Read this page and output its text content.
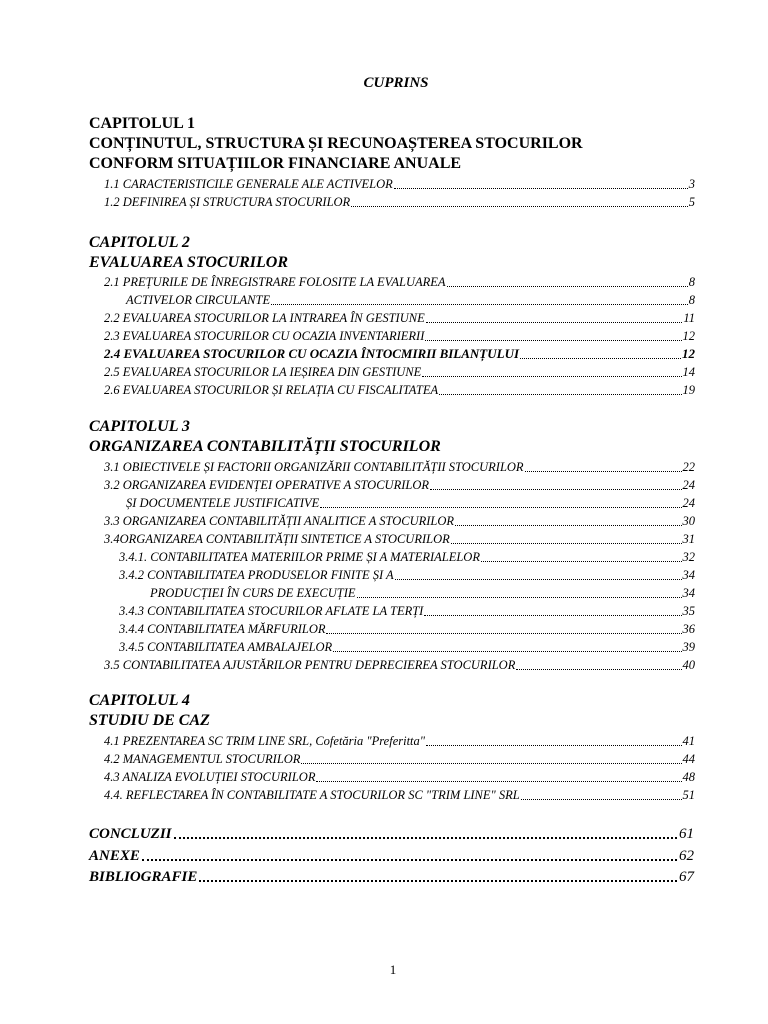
CUPRINS
CAPITOLUL 1
CONȚINUTUL, STRUCTURA ȘI RECUNOAȘTEREA STOCURILOR
CONFORM SITUAȚIILOR FINANCIARE ANUALE
1.1 CARACTERISTICILE GENERALE ALE ACTIVELOR	3
1.2 DEFINIREA ȘI STRUCTURA STOCURILOR	5
CAPITOLUL 2
EVALUAREA STOCURILOR
2.1 PREȚURILE DE ÎNREGISTRARE FOLOSITE LA EVALUAREA	8
ACTIVELOR CIRCULANTE	8
2.2 EVALUAREA STOCURILOR LA INTRAREA ÎN GESTIUNE	11
2.3 EVALUAREA STOCURILOR CU OCAZIA INVENTARIERII	12
2.4 EVALUAREA STOCURILOR CU OCAZIA ÎNTOCMIRII BILANȚULUI	12
2.5 EVALUAREA STOCURILOR LA IEȘIREA DIN GESTIUNE	14
2.6 EVALUAREA STOCURILOR ȘI RELAȚIA CU FISCALITATEA	19
CAPITOLUL 3
ORGANIZAREA CONTABILITĂȚII STOCURILOR
3.1 OBIECTIVELE ȘI FACTORII ORGANIZĂRII CONTABILITĂȚII STOCURILOR	22
3.2 ORGANIZAREA EVIDENȚEI OPERATIVE A STOCURILOR	24
ȘI DOCUMENTELE JUSTIFICATIVE	24
3.3 ORGANIZAREA CONTABILITĂȚII ANALITICE A STOCURILOR	30
3.4ORGANIZAREA CONTABILITĂȚII SINTETICE A STOCURILOR	31
3.4.1. CONTABILITATEA MATERIILOR PRIME ȘI A MATERIALELOR	32
3.4.2 CONTABILITATEA PRODUSELOR FINITE ȘI A	34
PRODUCȚIEI ÎN CURS DE EXECUȚIE	34
3.4.3 CONTABILITATEA STOCURILOR AFLATE LA TERȚI	35
3.4.4 CONTABILITATEA MĂRFURILOR	36
3.4.5 CONTABILITATEA AMBALAJELOR	39
3.5 CONTABILITATEA AJUSTĂRILOR PENTRU DEPRECIEREA STOCURILOR	40
CAPITOLUL 4
STUDIU DE CAZ
4.1 PREZENTAREA SC TRIM LINE SRL, Cofetăria "Preferitta"	41
4.2 MANAGEMENTUL STOCURILOR	44
4.3 ANALIZA EVOLUȚIEI STOCURILOR	48
4.4. REFLECTAREA ÎN CONTABILITATE A STOCURILOR SC "TRIM LINE" SRL	51
CONCLUZII	61
ANEXE	62
BIBLIOGRAFIE	67
1
